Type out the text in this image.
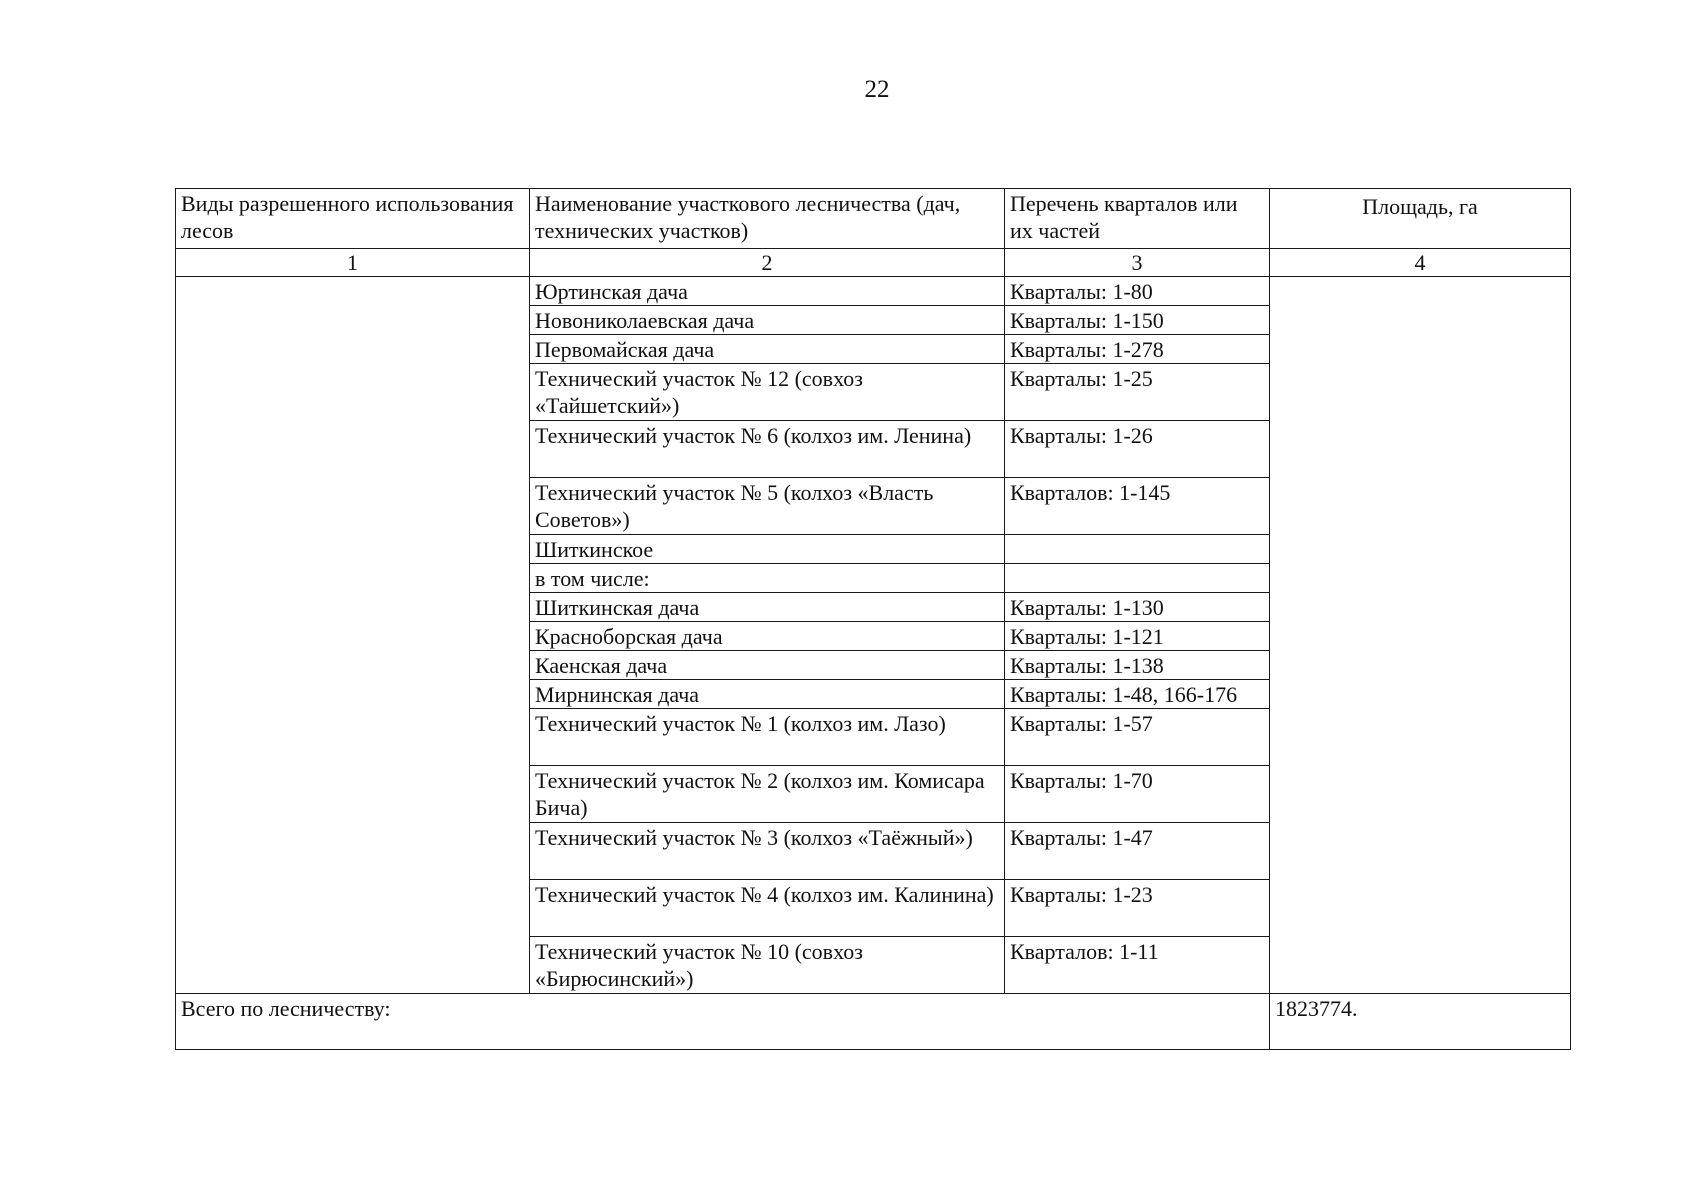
22
Виды разрешенного использования лесов	Наименование участкового лесничества (дач, технических участков)	Перечень кварталов или их частей	Площадь, га
1	2	3	4
	Юртинская дача	Кварталы: 1-80	
	Новониколаевская дача	Кварталы: 1-150	
	Первомайская дача	Кварталы: 1-278	
	Технический участок № 12 (совхоз «Тайшетский»)	Кварталы: 1-25	
	Технический участок № 6 (колхоз им. Ленина)	Кварталы: 1-26	
	Технический участок № 5 (колхоз «Власть Советов»)	Кварталов: 1-145	
	Шиткинское		
	в том числе:		
	Шиткинская дача	Кварталы: 1-130	
	Красноборская дача	Кварталы: 1-121	
	Каенская дача	Кварталы: 1-138	
	Мирнинская дача	Кварталы: 1-48, 166-176	
	Технический участок № 1 (колхоз им. Лазо)	Кварталы: 1-57	
	Технический участок № 2 (колхоз им. Комисара Бича)	Кварталы: 1-70	
	Технический участок № 3 (колхоз «Таёжный»)	Кварталы: 1-47	
	Технический участок № 4 (колхоз им. Калинина)	Кварталы: 1-23	
	Технический участок № 10 (совхоз «Бирюсинский»)	Кварталов: 1-11	
Всего по лесничеству:			1823774.
